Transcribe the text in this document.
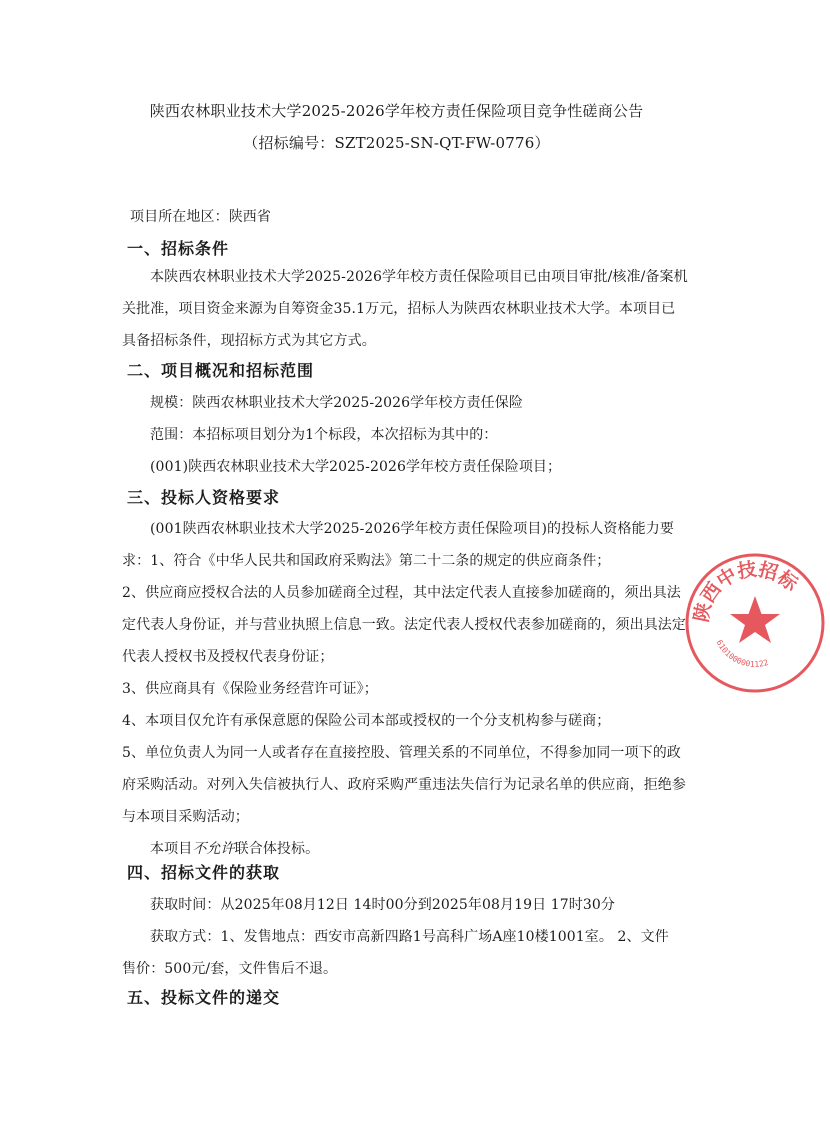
陕西农林职业技术大学2025-2026学年校方责任保险项目竞争性磋商公告
（招标编号：SZT2025-SN-QT-FW-0776）
项目所在地区：陕西省
一、招标条件
本陕西农林职业技术大学2025-2026学年校方责任保险项目已由项目审批/核准/备案机
关批准，项目资金来源为自筹资金35.1万元，招标人为陕西农林职业技术大学。本项目已
具备招标条件，现招标方式为其它方式。
二、项目概况和招标范围
规模：陕西农林职业技术大学2025-2026学年校方责任保险
范围：本招标项目划分为1个标段，本次招标为其中的：
(001)陕西农林职业技术大学2025-2026学年校方责任保险项目；
三、投标人资格要求
(001陕西农林职业技术大学2025-2026学年校方责任保险项目)的投标人资格能力要
求：1、符合《中华人民共和国政府采购法》第二十二条的规定的供应商条件；
2、供应商应授权合法的人员参加磋商全过程，其中法定代表人直接参加磋商的，须出具法
定代表人身份证，并与营业执照上信息一致。法定代表人授权代表参加磋商的，须出具法定
代表人授权书及授权代表身份证；
3、供应商具有《保险业务经营许可证》；
4、本项目仅允许有承保意愿的保险公司本部或授权的一个分支机构参与磋商；
5、单位负责人为同一人或者存在直接控股、管理关系的不同单位，不得参加同一项下的政
府采购活动。对列入失信被执行人、政府采购严重违法失信行为记录名单的供应商，拒绝参
与本项目采购活动；
本项目不允许联合体投标。
四、招标文件的获取
获取时间：从2025年08月12日 14时00分到2025年08月19日 17时30分
获取方式：1、发售地点：西安市高新四路1号高科广场A座10楼1001室。 2、文件
售价：500元/套，文件售后不退。
五、投标文件的递交
陕西中技招标
6101000001122
